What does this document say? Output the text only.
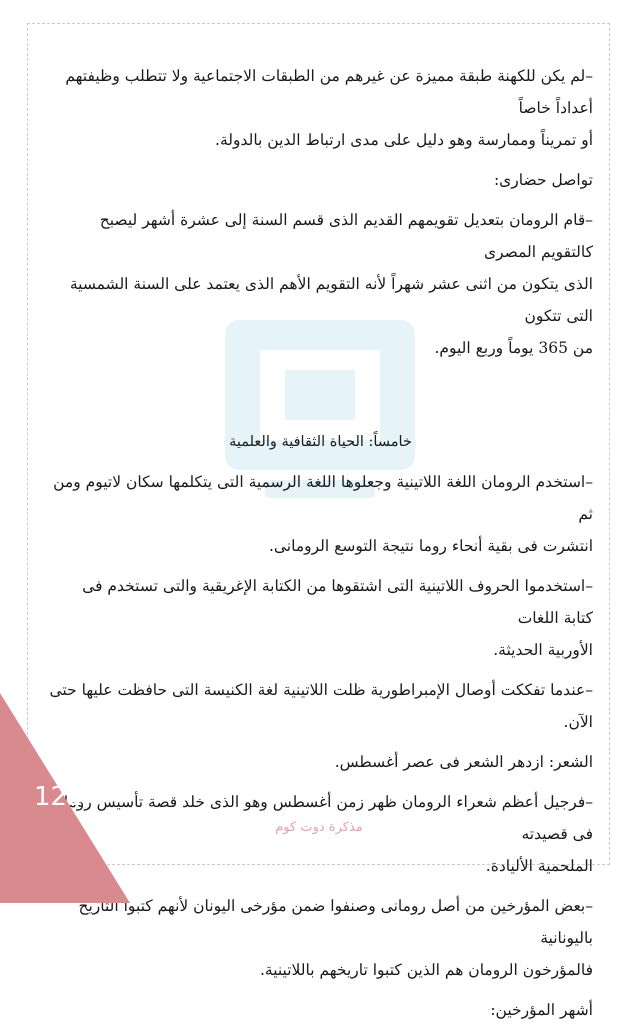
–لم يكن للكهنة طبقة مميزة عن غيرهم من الطبقات الاجتماعية ولا تتطلب وظيفتهم أعداداً خاصاً

أو تمريناً وممارسة وهو دليل على مدى ارتباط الدين بالدولة.

تواصل حضارى:

–قام الرومان بتعديل تقويمهم القديم الذى قسم السنة إلى عشرة أشهر ليصبح كالتقويم المصرى

الذى يتكون من اثنى عشر شهراً لأنه التقويم الأهم الذى يعتمد على السنة الشمسية التى تتكون

من 365 يوماً وربع اليوم.

خامساً: الحياة الثقافية والعلمية

–استخدم الرومان اللغة اللاتينية وجعلوها اللغة الرسمية التى يتكلمها سكان لاتيوم ومن ثم

انتشرت فى بقية أنحاء روما نتيجة التوسع الرومانى.

–استخدموا الحروف اللاتينية التى اشتقوها من الكتابة الإغريقية والتى تستخدم فى كتابة اللغات

الأوربية الحديثة.

–عندما تفككت أوصال الإمبراطورية ظلت اللاتينية لغة الكنيسة التى حافظت عليها حتى الآن.

الشعر: ازدهر الشعر فى عصر أغسطس.

–فرجيل أعظم شعراء الرومان ظهر زمن أغسطس وهو الذى خلد قصة تأسيس روما فى قصيدته

الملحمية الأليادة.

–بعض المؤرخين من أصل رومانى وصنفوا ضمن مؤرخى اليونان لأنهم كتبوا التاريخ باليونانية

فالمؤرخون الرومان هم الذين كتبوا تاريخهم باللاتينية.

أشهر المؤرخين:

122
مذكرة دوت كوم
